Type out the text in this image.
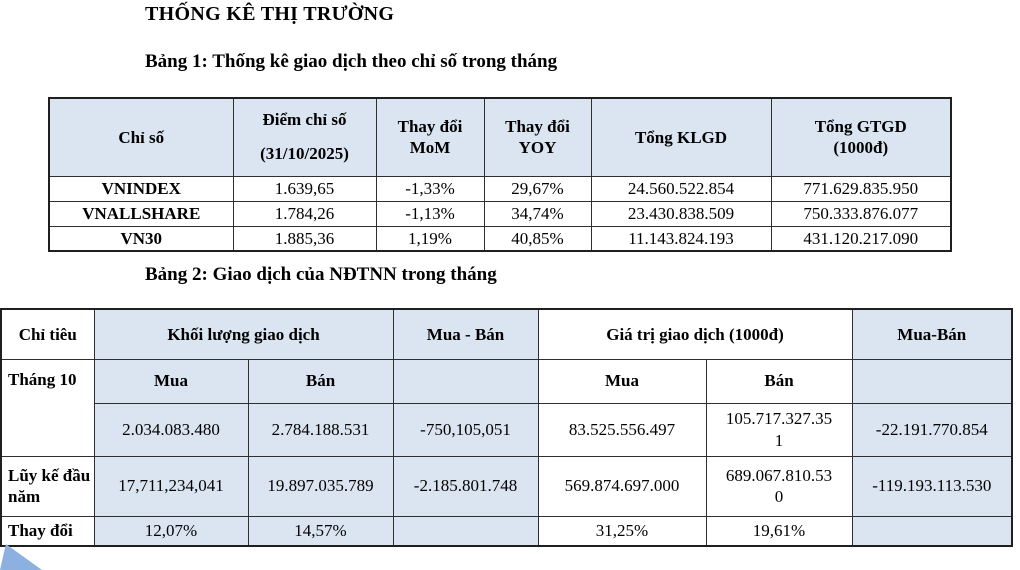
THỐNG KÊ THỊ TRƯỜNG
Bảng 1: Thống kê giao dịch theo chỉ số trong tháng
Chỉ số	Điểm chỉ số (31/10/2025)	Thay đổi MoM	Thay đổi YOY	Tổng KLGD	Tổng GTGD (1000đ)
VNINDEX	1.639,65	-1,33%	29,67%	24.560.522.854	771.629.835.950
VNALLSHARE	1.784,26	-1,13%	34,74%	23.430.838.509	750.333.876.077
VN30	1.885,36	1,19%	40,85%	11.143.824.193	431.120.217.090
Bảng 2: Giao dịch của NĐTNN trong tháng
Chỉ tiêu	Khối lượng giao dịch		Mua - Bán	Giá trị giao dịch (1000đ)		Mua-Bán
Tháng 10	Mua	Bán		Mua	Bán	
	2.034.083.480	2.784.188.531	-750,105,051	83.525.556.497	105.717.327.351	-22.191.770.854
Lũy kế đầu năm	17,711,234,041	19.897.035.789	-2.185.801.748	569.874.697.000	689.067.810.530	-119.193.113.530
Thay đổi	12,07%	14,57%		31,25%	19,61%	
